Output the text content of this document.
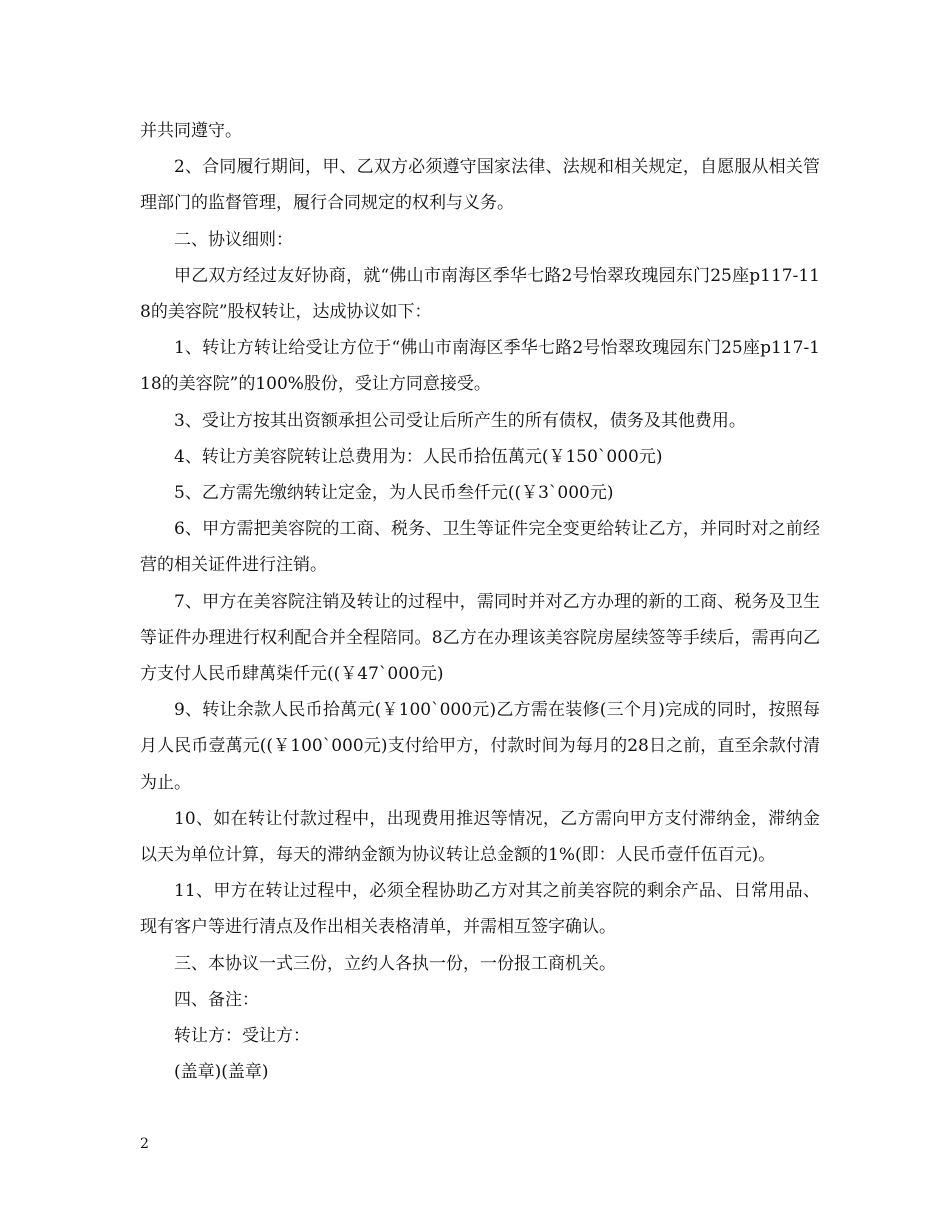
并共同遵守。

2、合同履行期间，甲、乙双方必须遵守国家法律、法规和相关规定，自愿服从相关管理部门的监督管理，履行合同规定的权利与义务。

二、协议细则：

甲乙双方经过友好协商，就“佛山市南海区季华七路2号怡翠玫瑰园东门25座p117-118的美容院”股权转让，达成协议如下：

1、转让方转让给受让方位于“佛山市南海区季华七路2号怡翠玫瑰园东门25座p117-118的美容院”的100%股份，受让方同意接受。

3、受让方按其出资额承担公司受让后所产生的所有债权，债务及其他费用。

4、转让方美容院转让总费用为：人民币拾伍萬元(￥150`000元)

5、乙方需先缴纳转让定金，为人民币叁仟元((￥3`000元)

6、甲方需把美容院的工商、税务、卫生等证件完全变更给转让乙方，并同时对之前经营的相关证件进行注销。

7、甲方在美容院注销及转让的过程中，需同时并对乙方办理的新的工商、税务及卫生等证件办理进行权利配合并全程陪同。8乙方在办理该美容院房屋续签等手续后，需再向乙方支付人民币肆萬柒仟元((￥47`000元)

9、转让余款人民币拾萬元(￥100`000元)乙方需在装修(三个月)完成的同时，按照每月人民币壹萬元((￥100`000元)支付给甲方，付款时间为每月的28日之前，直至余款付清为止。

10、如在转让付款过程中，出现费用推迟等情况，乙方需向甲方支付滞纳金，滞纳金以天为单位计算，每天的滞纳金额为协议转让总金额的1%(即：人民币壹仟伍百元)。

11、甲方在转让过程中，必须全程协助乙方对其之前美容院的剩余产品、日常用品、现有客户等进行清点及作出相关表格清单，并需相互签字确认。

三、本协议一式三份，立约人各执一份，一份报工商机关。

四、备注：

转让方：受让方：

(盖章)(盖章)

2
